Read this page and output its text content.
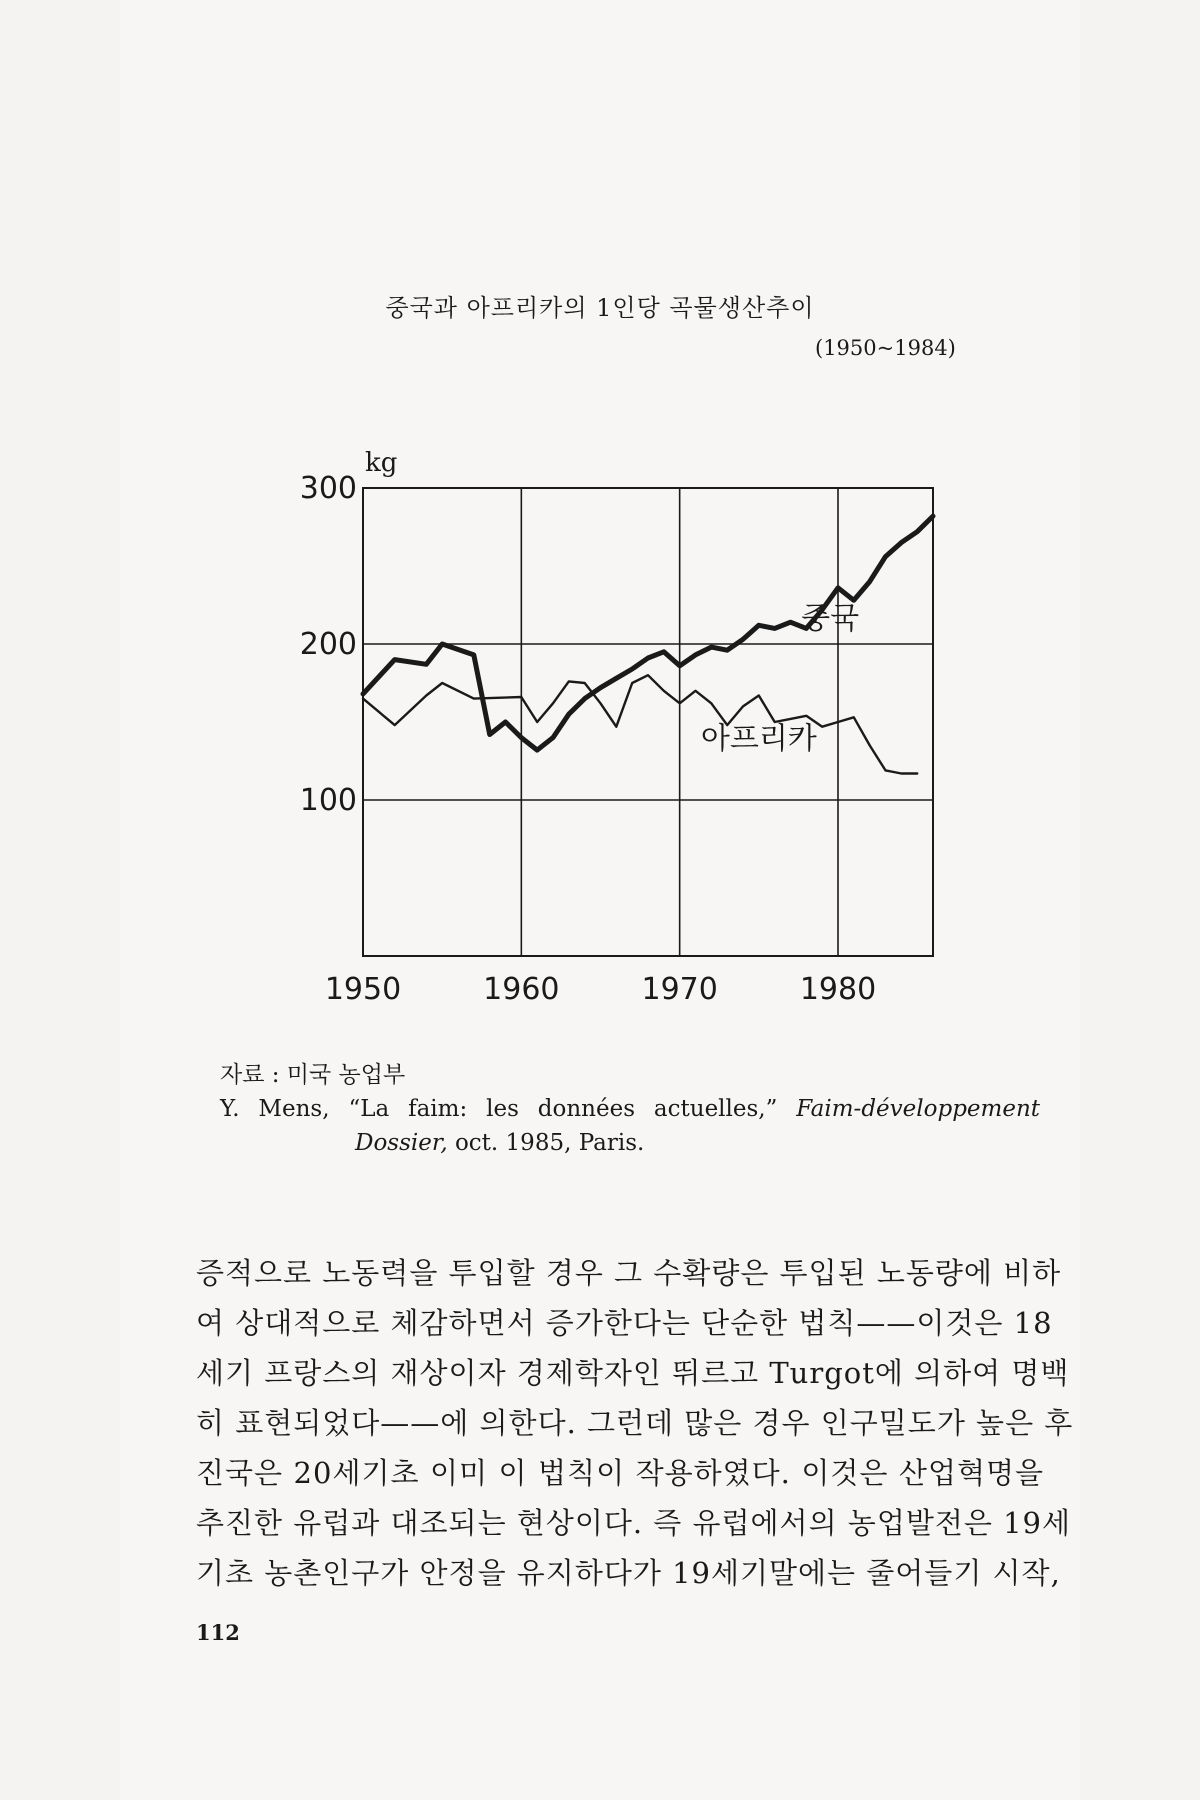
중국과 아프리카의 1인당 곡물생산추이
(1950~1984)
1950	1960	1970	1980
300
200
100
kg
중국
아프리카
자료 : 미국 농업부
Y. Mens, “La faim: les données actuelles,” Faim-développement
Dossier, oct. 1985, Paris.

증적으로 노동력을 투입할 경우 그 수확량은 투입된 노동량에 비하
여 상대적으로 체감하면서 증가한다는 단순한 법칙——이것은 18
세기 프랑스의 재상이자 경제학자인 뛰르고 Turgot에 의하여 명백
히 표현되었다——에 의한다. 그런데 많은 경우 인구밀도가 높은 후
진국은 20세기초 이미 이 법칙이 작용하였다. 이것은 산업혁명을
추진한 유럽과 대조되는 현상이다. 즉 유럽에서의 농업발전은 19세
기초 농촌인구가 안정을 유지하다가 19세기말에는 줄어들기 시작,

112
